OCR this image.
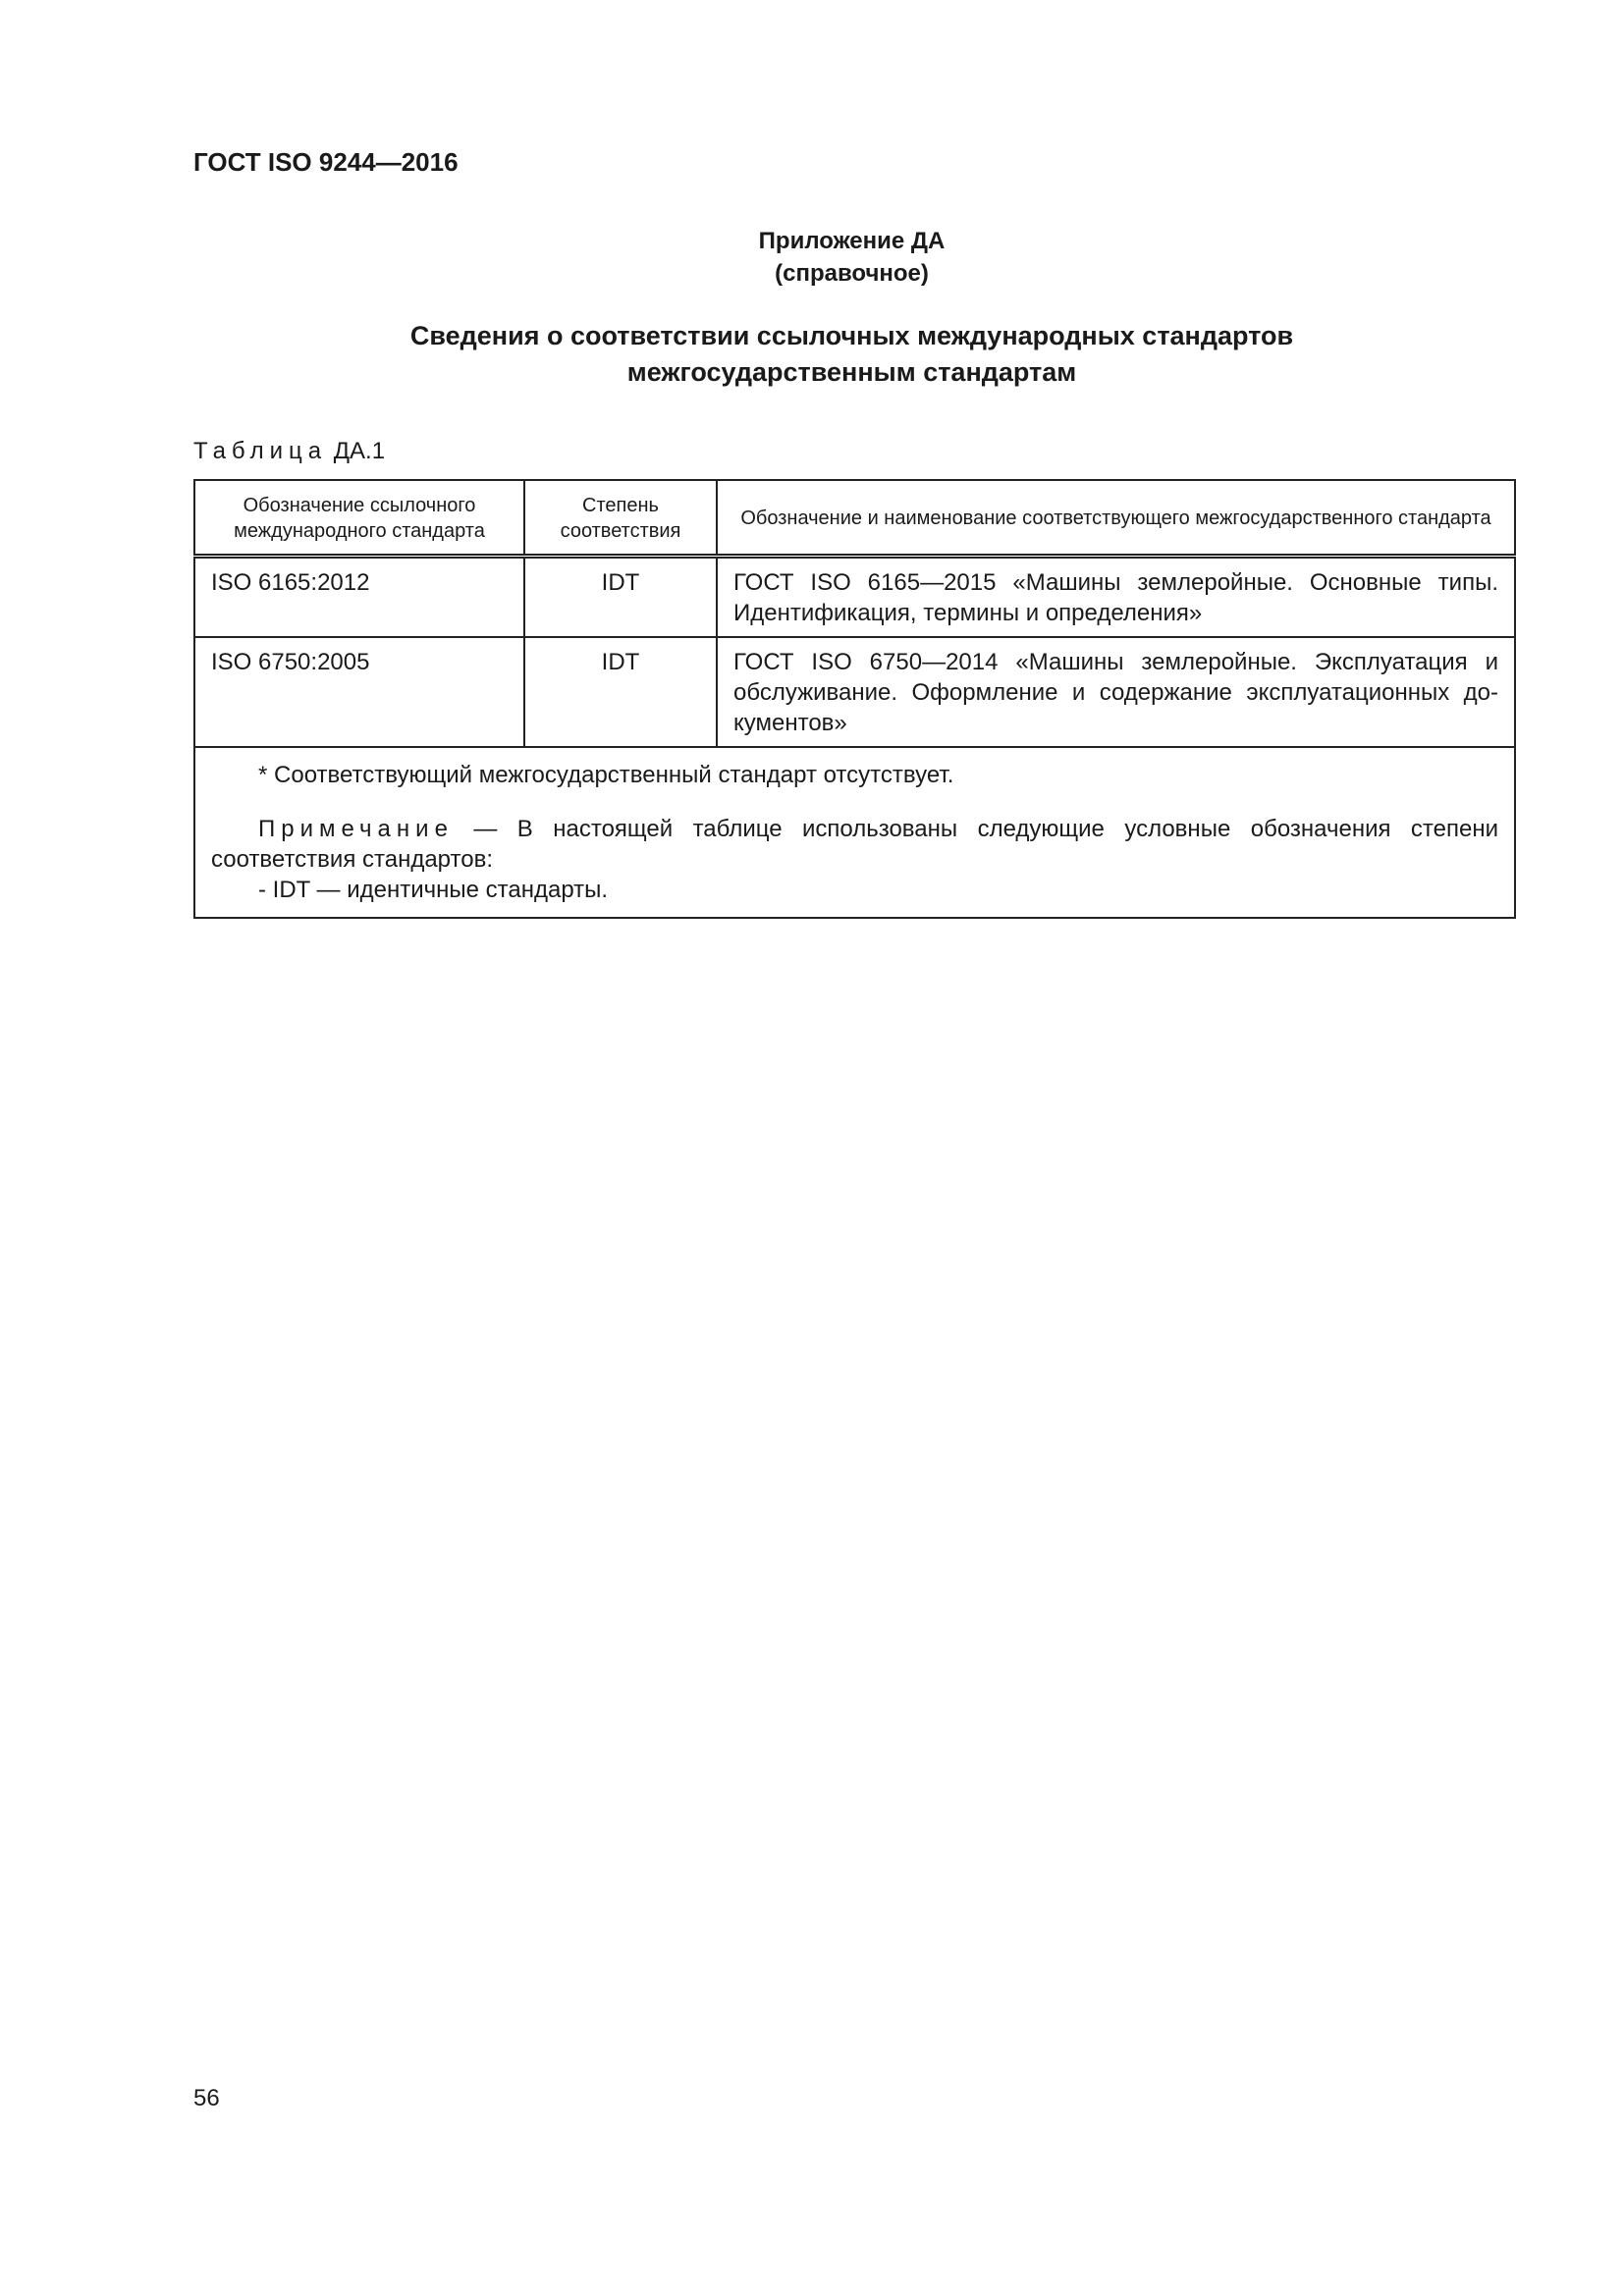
ГОСТ ISO 9244—2016
Приложение ДА
(справочное)
Сведения о соответствии ссылочных международных стандартов
межгосударственным стандартам
Таблица ДА.1
Обозначение ссылочного международного стандарта	Степень соответствия	Обозначение и наименование соответствующего межгосударственного стандарта
ISO 6165:2012	IDT	ГОСТ ISO 6165—2015 «Машины землеройные. Основные типы. Идентификация, термины и определения»
ISO 6750:2005	IDT	ГОСТ ISO 6750—2014 «Машины землеройные. Эксплуатация и обслуживание. Оформление и содержание эксплуатационных до-кументов»

* Соответствующий межгосударственный стандарт отсутствует.

Примечание — В настоящей таблице использованы следующие условные обозначения степени соответствия стандартов:

- IDT — идентичные стандарты.		

56
